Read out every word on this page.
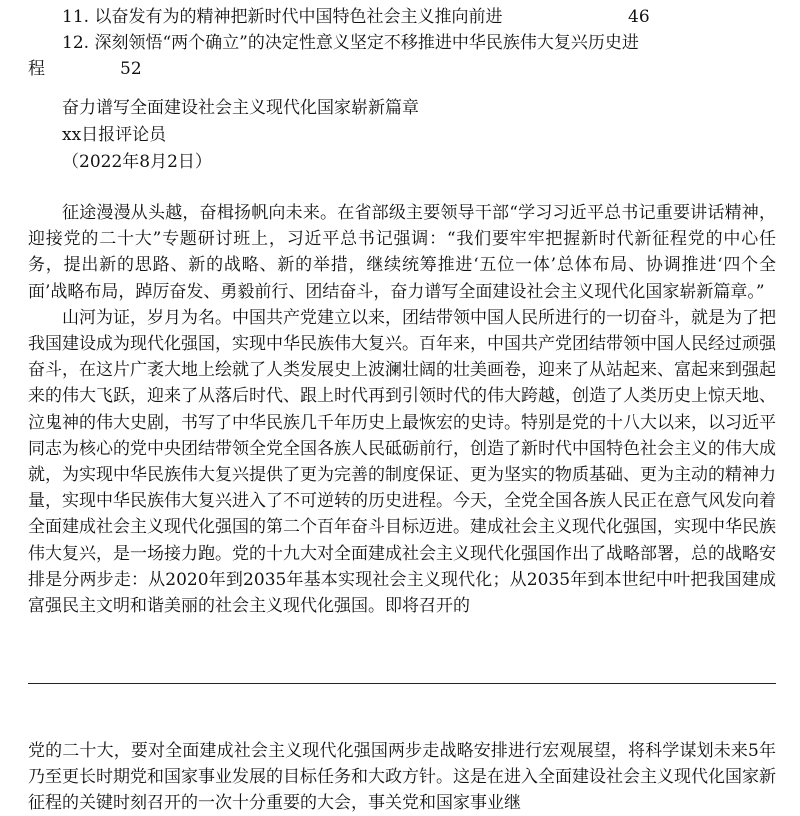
11. 以奋发有为的精神把新时代中国特色社会主义推向前进	46
12. 深刻领悟“两个确立”的决定性意义坚定不移推进中华民族伟大复兴历史进
程	52
奋力谱写全面建设社会主义现代化国家崭新篇章
xx日报评论员
（2022年8月2日）

征途漫漫从头越，奋楫扬帆向未来。在省部级主要领导干部“学习习近平总书记重要讲话精神，迎接党的二十大”专题研讨班上，习近平总书记强调：“我们要牢牢把握新时代新征程党的中心任务，提出新的思路、新的战略、新的举措，继续统筹推进‘五位一体’总体布局、协调推进‘四个全面’战略布局，踔厉奋发、勇毅前行、团结奋斗，奋力谱写全面建设社会主义现代化国家崭新篇章。”

山河为证，岁月为名。中国共产党建立以来，团结带领中国人民所进行的一切奋斗，就是为了把我国建设成为现代化强国，实现中华民族伟大复兴。百年来，中国共产党团结带领中国人民经过顽强奋斗，在这片广袤大地上绘就了人类发展史上波澜壮阔的壮美画卷，迎来了从站起来、富起来到强起来的伟大飞跃，迎来了从落后时代、跟上时代再到引领时代的伟大跨越，创造了人类历史上惊天地、泣鬼神的伟大史剧，书写了中华民族几千年历史上最恢宏的史诗。特别是党的十八大以来，以习近平同志为核心的党中央团结带领全党全国各族人民砥砺前行，创造了新时代中国特色社会主义的伟大成就，为实现中华民族伟大复兴提供了更为完善的制度保证、更为坚实的物质基础、更为主动的精神力量，实现中华民族伟大复兴进入了不可逆转的历史进程。今天，全党全国各族人民正在意气风发向着全面建成社会主义现代化强国的第二个百年奋斗目标迈进。建成社会主义现代化强国，实现中华民族伟大复兴，是一场接力跑。党的十九大对全面建成社会主义现代化强国作出了战略部署，总的战略安排是分两步走：从2020年到2035年基本实现社会主义现代化；从2035年到本世纪中叶把我国建成富强民主文明和谐美丽的社会主义现代化强国。即将召开的

党的二十大，要对全面建成社会主义现代化强国两步走战略安排进行宏观展望，将科学谋划未来5年乃至更长时期党和国家事业发展的目标任务和大政方针。这是在进入全面建设社会主义现代化国家新征程的关键时刻召开的一次十分重要的大会，事关党和国家事业继
